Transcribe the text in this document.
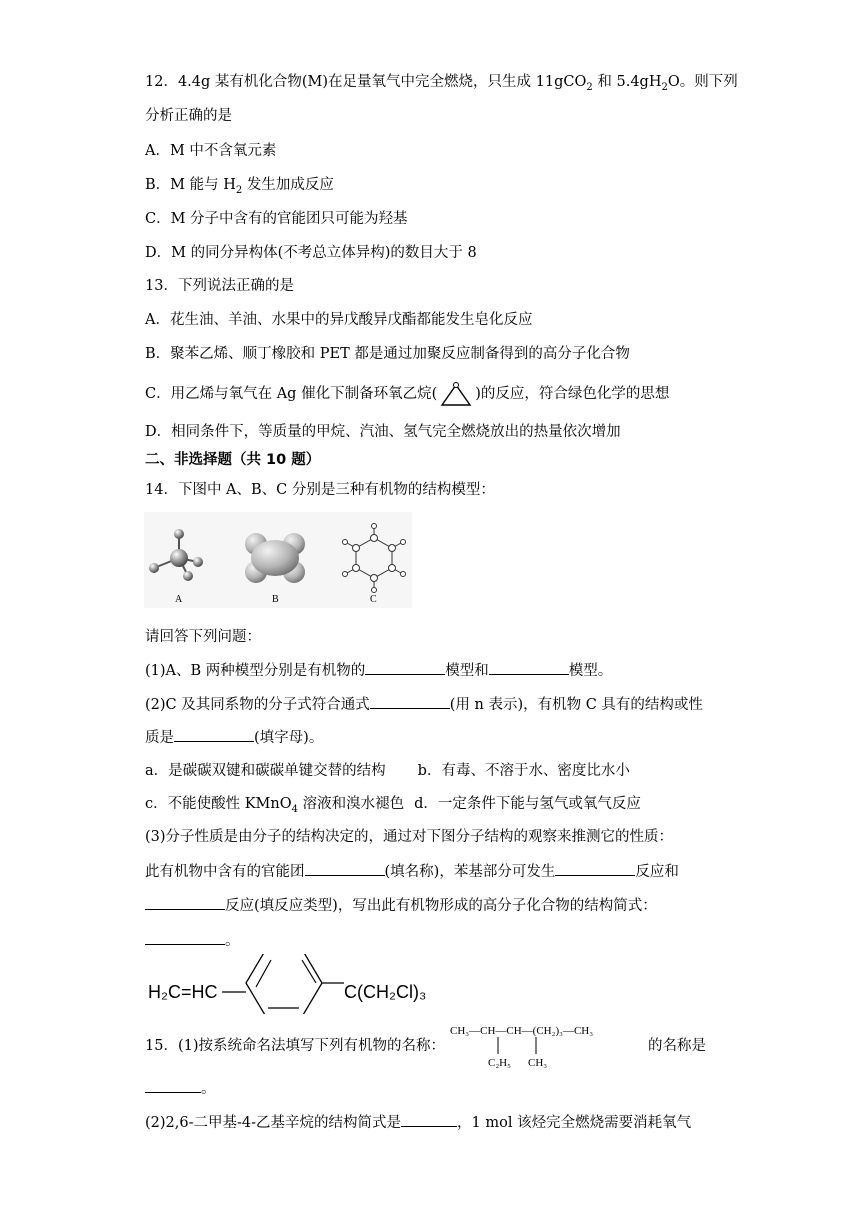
12．4.4g 某有机化合物(M)在足量氧气中完全燃烧，只生成 11gCO$_2$ 和 $5.4gH_2O$。则下列
分析正确的是
A．M 中不含氧元素
B．M 能与 $H_2$ 发生加成反应
C．M 分子中含有的官能团只可能为羟基
D．M 的同分异构体(不考总立体异构)的数目大于 8
13．下列说法正确的是
A．花生油、羊油、水果中的异戊酸异戊酯都能发生皂化反应
B．聚苯乙烯、顺丁橡胶和 PET 都是通过加聚反应制备得到的高分子化合物
C．用乙烯与氧气在 Ag 催化下制备环氧乙烷(	)的反应，符合绿色化学的思想
D．相同条件下，等质量的甲烷、汽油、氢气完全燃烧放出的热量依次增加
二、非选择题（共 10 题）
14．下图中 A、B、C 分别是三种有机物的结构模型：
A	B	C
请回答下列问题：
(1)A、B 两种模型分别是有机物的	模型和	模型。
(2)C 及其同系物的分子式符合通式	(用 n 表示)，有机物 C 具有的结构或性
质是	(填字母)。
a．是碳碳双键和碳碳单键交替的结构 b．有毒、不溶于水、密度比水小
c．不能使酸性 KMnO$_4$ 溶液和溴水褪色 d．一定条件下能与氢气或氧气反应
(3)分子性质是由分子的结构决定的，通过对下图分子结构的观察来推测它的性质：
此有机物中含有的官能团	(填名称)，苯基部分可发生	反应和
反应(填反应类型)，写出此有机物形成的高分子化合物的结构简式：
。
H₂C=HC	C(CH₂Cl)₃
15．(1)按系统命名法填写下列有机物的名称：
CH₃—CH—CH—(CH₂)₃—CH₃
C₂H₅ CH₃
的名称是
。
(2)2,6-二甲基-4-乙基辛烷的结构简式是	，1 mol 该烃完全燃烧需要消耗氧气
